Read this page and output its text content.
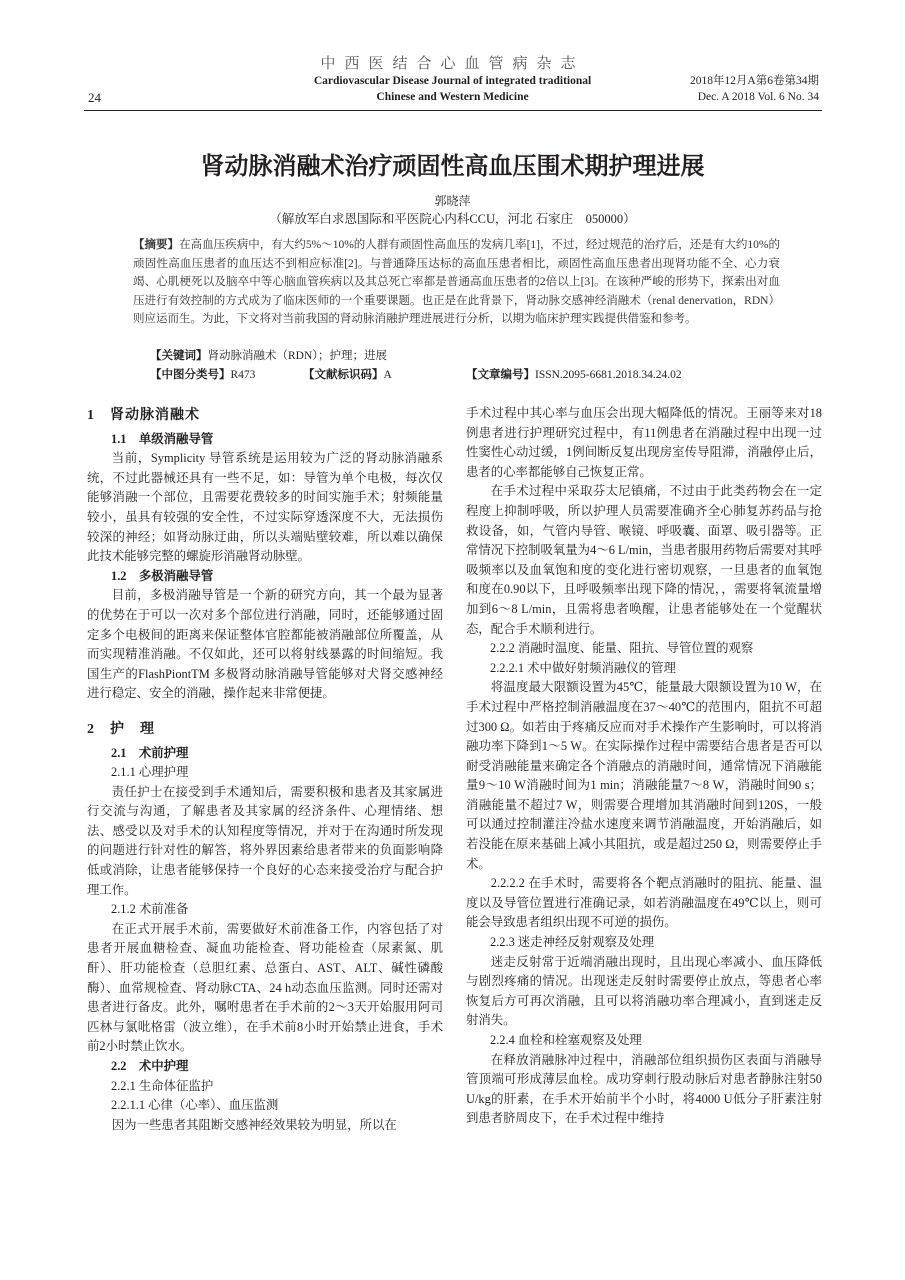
中西医结合心血管病杂志
Cardiovascular Disease Journal of integrated traditional
Chinese and Western Medicine
24
2018年12月A第6卷第34期
Dec. A 2018 Vol. 6 No. 34
肾动脉消融术治疗顽固性高血压围术期护理进展
郭晓萍
（解放军白求恩国际和平医院心内科CCU，河北 石家庄　050000）
【摘要】在高血压疾病中，有大约5%～10%的人群有顽固性高血压的发病几率[1]，不过，经过规范的治疗后，还是有大约10%的顽固性高血压患者的血压达不到相应标准[2]。与普通降压达标的高血压患者相比，顽固性高血压患者出现肾功能不全、心力衰竭、心肌梗死以及脑卒中等心脑血管疾病以及其总死亡率都是普通高血压患者的2倍以上[3]。在该种严峻的形势下，探索出对血压进行有效控制的方式成为了临床医师的一个重要课题。也正是在此背景下，肾动脉交感神经消融术（renal denervation，RDN）则应运而生。为此，下文将对当前我国的肾动脉消融护理进展进行分析，以期为临床护理实践提供借鉴和参考。
【关键词】肾动脉消融术（RDN）；护理；进展
【中图分类号】R473	【文献标识码】A	【文章编号】ISSN.2095-6681.2018.34.24.02
1　肾动脉消融术
1.1　单级消融导管

当前，Symplicity 导管系统是运用较为广泛的肾动脉消融系统，不过此器械还具有一些不足，如：导管为单个电极，每次仅能够消融一个部位，且需要花费较多的时间实施手术；射频能量较小，虽具有较强的安全性，不过实际穿透深度不大，无法损伤较深的神经；如肾动脉迂曲，所以头端贴壁较难，所以难以确保此技术能够完整的螺旋形消融肾动脉壁。

1.2　多极消融导管

目前，多极消融导管是一个新的研究方向，其一个最为显著的优势在于可以一次对多个部位进行消融，同时，还能够通过固定多个电极间的距离来保证整体官腔都能被消融部位所覆盖，从而实现精准消融。不仅如此，还可以将射线暴露的时间缩短。我国生产的FlashPiontTM 多极肾动脉消融导管能够对犬肾交感神经进行稳定、安全的消融，操作起来非常便捷。

2　护　理
2.1　术前护理
2.1.1 心理护理

责任护士在接受到手术通知后，需要积极和患者及其家属进行交流与沟通，了解患者及其家属的经济条件、心理情绪、想法、感受以及对手术的认知程度等情况，并对于在沟通时所发现的问题进行针对性的解答，将外界因素给患者带来的负面影响降低或消除，让患者能够保持一个良好的心态来接受治疗与配合护理工作。

2.1.2 术前准备

在正式开展手术前，需要做好术前准备工作，内容包括了对患者开展血糖检查、凝血功能检查、肾功能检查（尿素氮、肌酐）、肝功能检查（总胆红素、总蛋白、AST、ALT、碱性磷酸酶）、血常规检查、肾动脉CTA、24 h动态血压监测。同时还需对患者进行备皮。此外，嘱咐患者在手术前的2～3天开始服用阿司匹林与氯吡格雷（波立维），在手术前8小时开始禁止进食，手术前2小时禁止饮水。

2.2　术中护理
2.2.1 生命体征监护
2.2.1.1 心律（心率）、血压监测

因为一些患者其阻断交感神经效果较为明显，所以在

手术过程中其心率与血压会出现大幅降低的情况。王丽等来对18例患者进行护理研究过程中，有11例患者在消融过程中出现一过性窦性心动过缓，1例间断反复出现房室传导阻滞，消融停止后，患者的心率都能够自己恢复正常。

在手术过程中采取芬太尼镇痛，不过由于此类药物会在一定程度上抑制呼吸，所以护理人员需要准确齐全心肺复苏药品与抢救设备，如，气管内导管、喉镜、呼吸囊、面罩、吸引器等。正常情况下控制吸氧量为4～6 L/min，当患者服用药物后需要对其呼吸频率以及血氧饱和度的变化进行密切观察，一旦患者的血氧饱和度在0.90以下，且呼吸频率出现下降的情况，，需要将氧流量增加到6～8 L/min，且需将患者唤醒，让患者能够处在一个觉醒状态，配合手术顺利进行。

2.2.2 消融时温度、能量、阻抗、导管位置的观察
2.2.2.1 术中做好射频消融仪的管理

将温度最大限额设置为45℃，能量最大限额设置为10 W，在手术过程中严格控制消融温度在37～40℃的范围内，阻抗不可超过300 Ω。如若由于疼痛反应而对手术操作产生影响时，可以将消融功率下降到1～5 W。在实际操作过程中需要结合患者是否可以耐受消融能量来确定各个消融点的消融时间，通常情况下消融能量9～10 W消融时间为1 min；消融能量7～8 W，消融时间90 s；消融能量不超过7 W，则需要合理增加其消融时间到120S，一般可以通过控制灌注冷盐水速度来调节消融温度，开始消融后，如若没能在原来基础上减小其阻抗，或是超过250 Ω，则需要停止手术。

2.2.2.2 在手术时，需要将各个靶点消融时的阻抗、能量、温度以及导管位置进行准确记录，如若消融温度在49℃以上，则可能会导致患者组织出现不可逆的损伤。

2.2.3 迷走神经反射观察及处理

迷走反射常于近端消融出现时，且出现心率减小、血压降低与剧烈疼痛的情况。出现迷走反射时需要停止放点，等患者心率恢复后方可再次消融，且可以将消融功率合理减小，直到迷走反射消失。

2.2.4 血栓和栓塞观察及处理

在释放消融脉冲过程中，消融部位组织损伤区表面与消融导管顶端可形成薄层血栓。成功穿刺行股动脉后对患者静脉注射50 U/kg的肝素，在手术开始前半个小时，将4000 U低分子肝素注射到患者脐周皮下，在手术过程中维持
